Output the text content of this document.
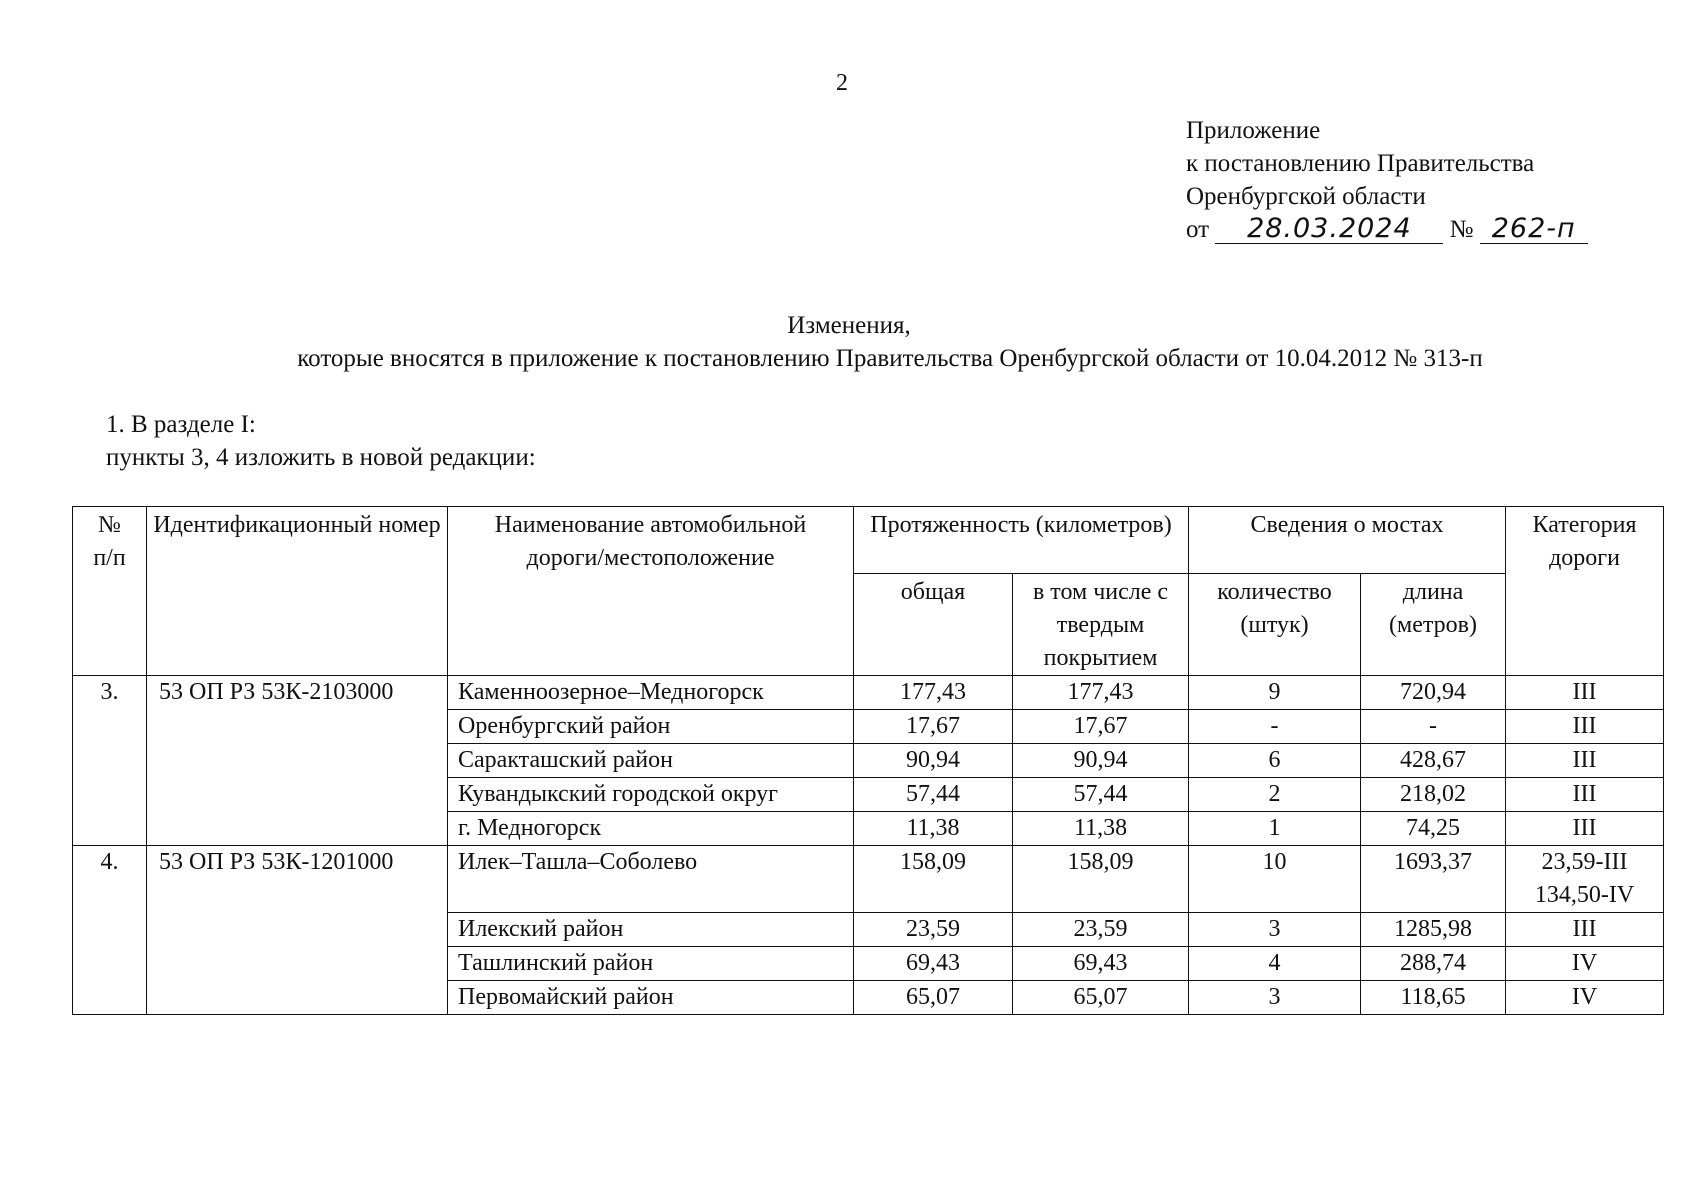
2
Приложение
к постановлению Правительства
Оренбургской области
от 28.03.2024 № 262-п
Изменения,
которые вносятся в приложение к постановлению Правительства Оренбургской области от 10.04.2012 № 313-п
1. В разделе I:
пункты 3, 4 изложить в новой редакции:
№
п/п	Идентификационный номер	Наименование автомобильной дороги/местоположение	Протяженность (километров)		Сведения о мостах		Категория дороги
			общая	в том числе с твердым покрытием	количество (штук)	длина (метров)	
3.	53 ОП РЗ 53К-2103000	Каменноозерное–Медногорск	177,43	177,43	9	720,94	III
		Оренбургский район	17,67	17,67	-	-	III
		Саракташский район	90,94	90,94	6	428,67	III
		Кувандыкский городской округ	57,44	57,44	2	218,02	III
		г. Медногорск	11,38	11,38	1	74,25	III
4.	53 ОП РЗ 53К-1201000	Илек–Ташла–Соболево	158,09	158,09	10	1693,37	23,59-III 134,50-IV
		Илекский район	23,59	23,59	3	1285,98	III
		Ташлинский район	69,43	69,43	4	288,74	IV
		Первомайский район	65,07	65,07	3	118,65	IV
